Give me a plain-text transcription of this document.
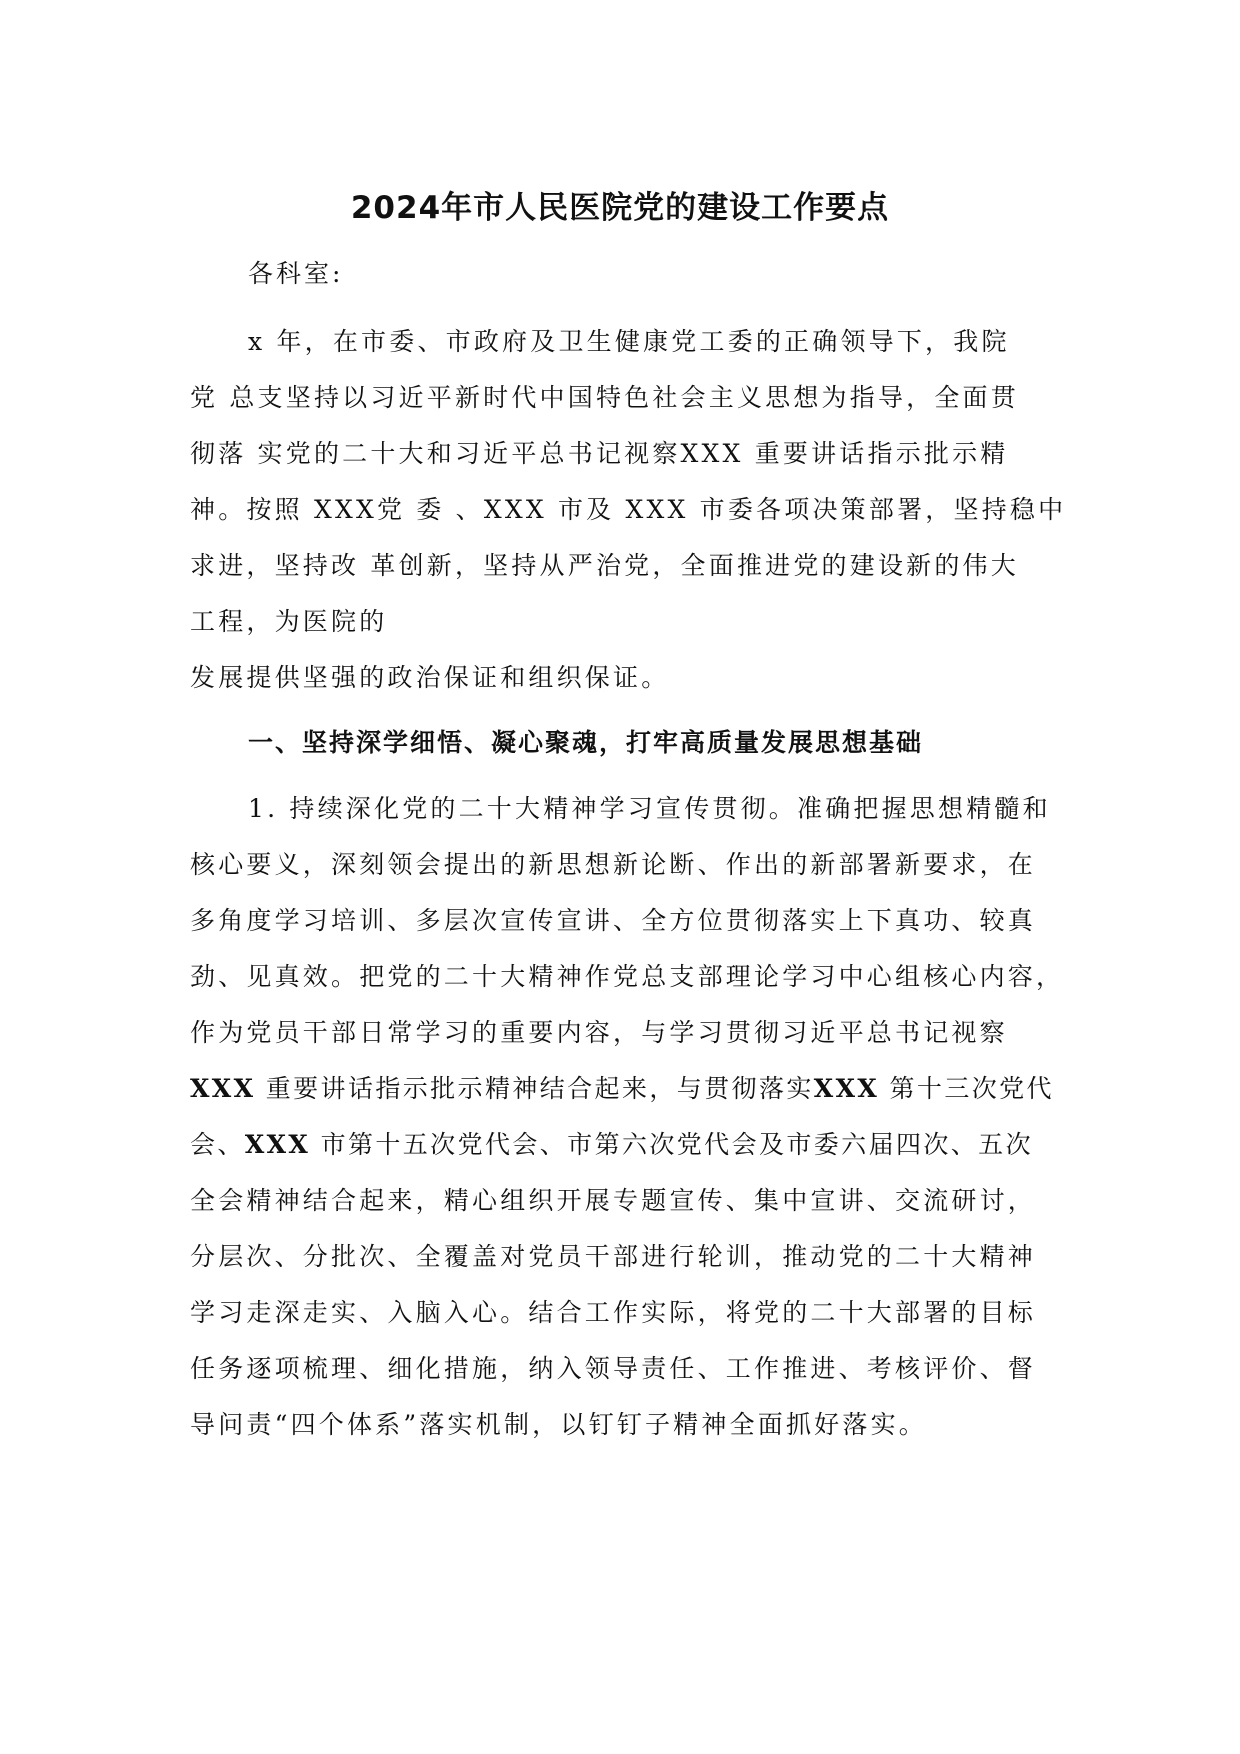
2024年市人民医院党的建设工作要点

各科室:

x 年，在市委、市政府及卫生健康党工委的正确领导下，我院
党 总支坚持以习近平新时代中国特色社会主义思想为指导，全面贯
彻落 实党的二十大和习近平总书记视察XXX 重要讲话指示批示精
神。按照 XXX党 委 、XXX 市及 XXX 市委各项决策部署，坚持稳中
求进，坚持改 革创新，坚持从严治党，全面推进党的建设新的伟大
工程，为医院的
发展提供坚强的政治保证和组织保证。
一、坚持深学细悟、凝心聚魂，打牢高质量发展思想基础
1. 持续深化党的二十大精神学习宣传贯彻。准确把握思想精髓和
核心要义，深刻领会提出的新思想新论断、作出的新部署新要求，在
多角度学习培训、多层次宣传宣讲、全方位贯彻落实上下真功、较真
劲、见真效。把党的二十大精神作党总支部理论学习中心组核心内容，
作为党员干部日常学习的重要内容，与学习贯彻习近平总书记视察
XXX 重要讲话指示批示精神结合起来，与贯彻落实XXX 第十三次党代
会、XXX 市第十五次党代会、市第六次党代会及市委六届四次、五次
全会精神结合起来，精心组织开展专题宣传、集中宣讲、交流研讨，
分层次、分批次、全覆盖对党员干部进行轮训，推动党的二十大精神
学习走深走实、入脑入心。结合工作实际，将党的二十大部署的目标
任务逐项梳理、细化措施，纳入领导责任、工作推进、考核评价、督
导问责“四个体系”落实机制，以钉钉子精神全面抓好落实。
